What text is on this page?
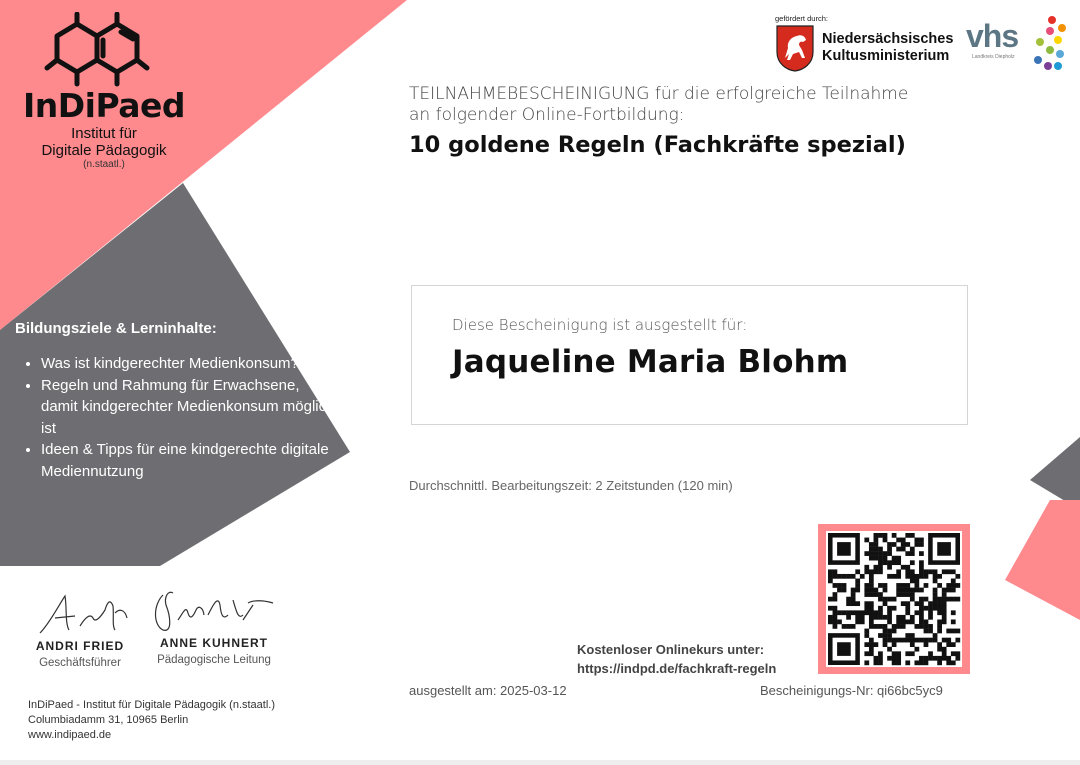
InDiPaed
Institut für
Digitale Pädagogik
(n.staatl.)
Bildungsziele & Lerninhalte:
• Was ist kindgerechter Medienkonsum?
• Regeln und Rahmung für Erwachsene, damit kindgerechter Medienkonsum möglich ist
• Ideen & Tipps für eine kindgerechte digitale Mediennutzung
ANDRI FRIED
Geschäftsführer
ANNE KUHNERT
Pädagogische Leitung
InDiPaed - Institut für Digitale Pädagogik (n.staatl.)
Columbiadamm 31, 10965 Berlin
www.indipaed.de
gefördert durch:
Niedersächsisches
Kultusministerium
vhs
Landkreis Diepholz
TEILNAHMEBESCHEINIGUNG für die erfolgreiche Teilnahme an folgender Online-Fortbildung:
10 goldene Regeln (Fachkräfte spezial)
Diese Bescheinigung ist ausgestellt für:
Jaqueline Maria Blohm
Durchschnittl. Bearbeitungszeit: 2 Zeitstunden (120 min)
Kostenloser Onlinekurs unter:
https://indpd.de/fachkraft-regeln
ausgestellt am: 2025-03-12	Bescheinigungs-Nr: qi66bc5yc9
